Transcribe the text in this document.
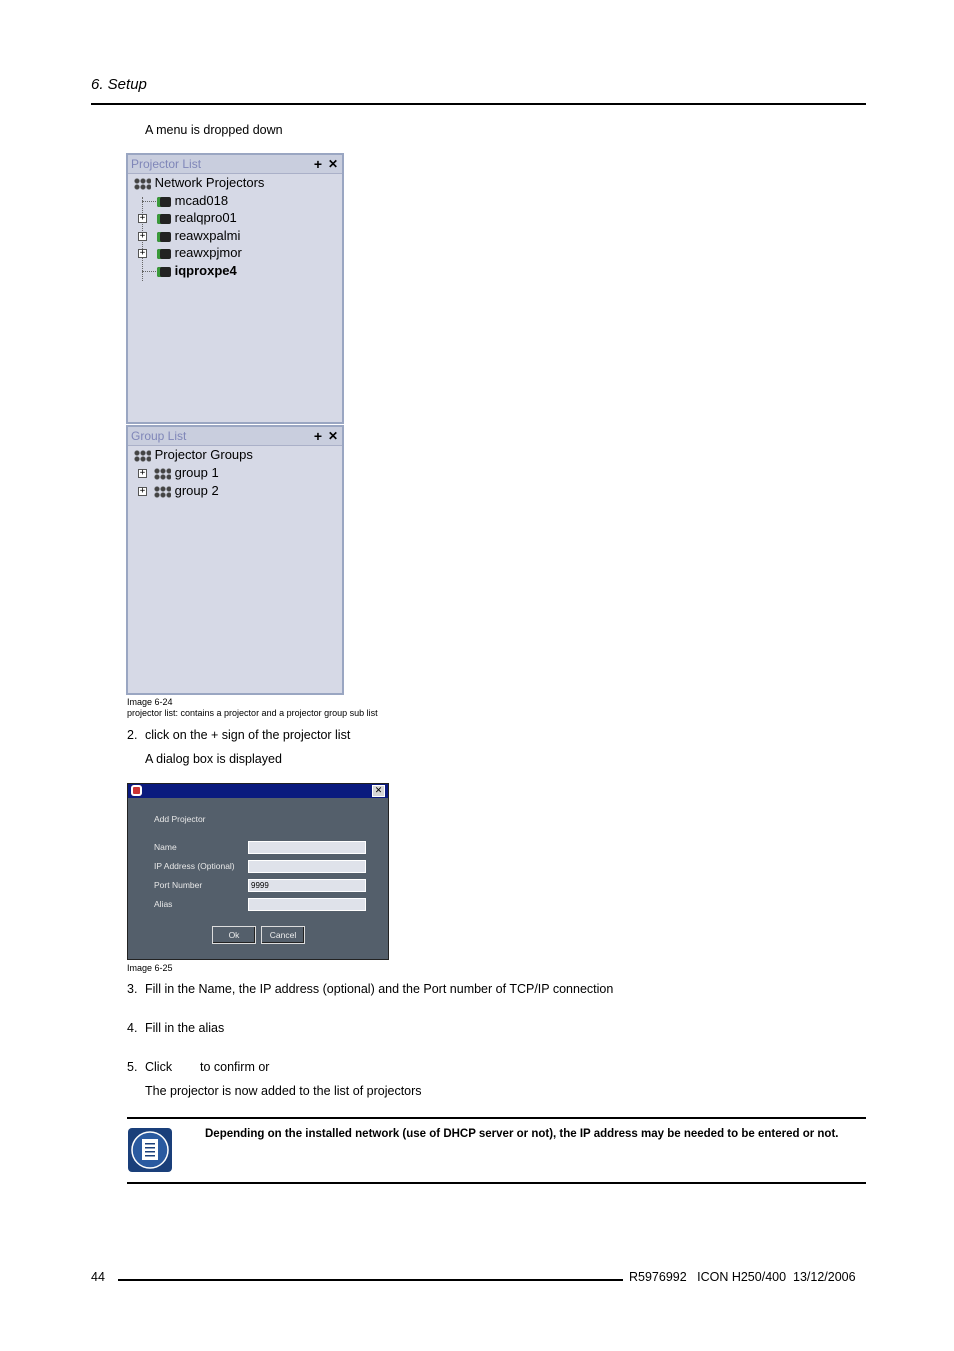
6. Setup
A menu is dropped down
Projector List	+ ✕
Network Projectors
mcad018
+	realqpro01
+	reawxpalmi
+	reawxpjmor
iqproxpe4
Group List	+ ✕
Projector Groups
+	group 1
+	group 2
Image 6-24
projector list: contains a projector and a projector group sub list
2. click on the + sign of the projector list
A dialog box is displayed
✕
Add Projector
Name
IP Address (Optional)
Port Number	9999
Alias
Ok	Cancel
Image 6-25
3. Fill in the Name, the IP address (optional) and the Port number of TCP/IP connection
4. Fill in the alias
5. Click to confirm or
The projector is now added to the list of projectors
Depending on the installed network (use of DHCP server or not), the IP address may be needed to be entered or not.
44	R5976992   ICON H250/400  13/12/2006
